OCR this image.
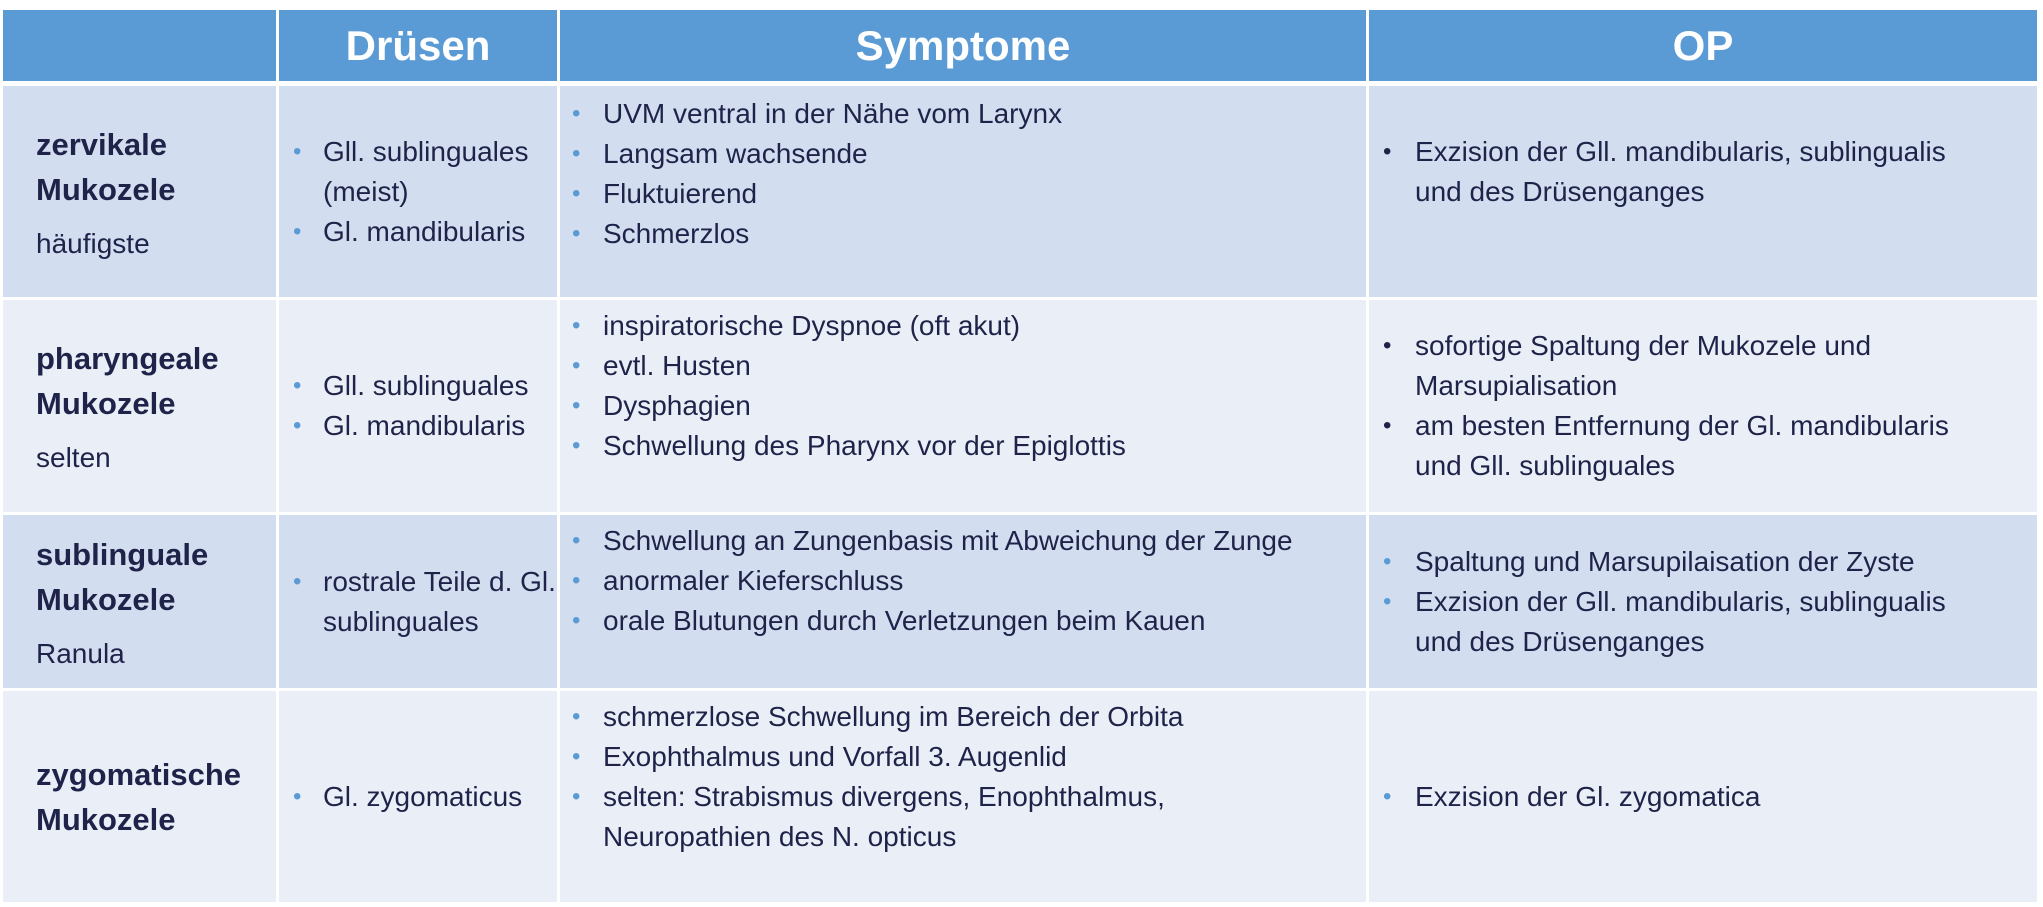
Drüsen	Symptome	OP
zervikale
Mukozele
häufigste
• Gll. sublinguales (meist)
• Gl. mandibularis
• UVM ventral in der Nähe vom Larynx
• Langsam wachsende
• Fluktuierend
• Schmerzlos
• Exzision der Gll. mandibularis, sublingualis und des Drüsenganges
pharyngeale
Mukozele
selten
• Gll. sublinguales
• Gl. mandibularis
• inspiratorische Dyspnoe (oft akut)
• evtl. Husten
• Dysphagien
• Schwellung des Pharynx vor der Epiglottis
• sofortige Spaltung der Mukozele und Marsupialisation
• am besten Entfernung der Gl. mandibularis und Gll. sublinguales
sublinguale
Mukozele
Ranula
• rostrale Teile d. Gl. sublinguales
• Schwellung an Zungenbasis mit Abweichung der Zunge
• anormaler Kieferschluss
• orale Blutungen durch Verletzungen beim Kauen
• Spaltung und Marsupilaisation der Zyste
• Exzision der Gll. mandibularis, sublingualis und des Drüsenganges
zygomatische
Mukozele
• Gl. zygomaticus
• schmerzlose Schwellung im Bereich der Orbita
• Exophthalmus und Vorfall 3. Augenlid
• selten: Strabismus divergens, Enophthalmus, Neuropathien des N. opticus
• Exzision der Gl. zygomatica
